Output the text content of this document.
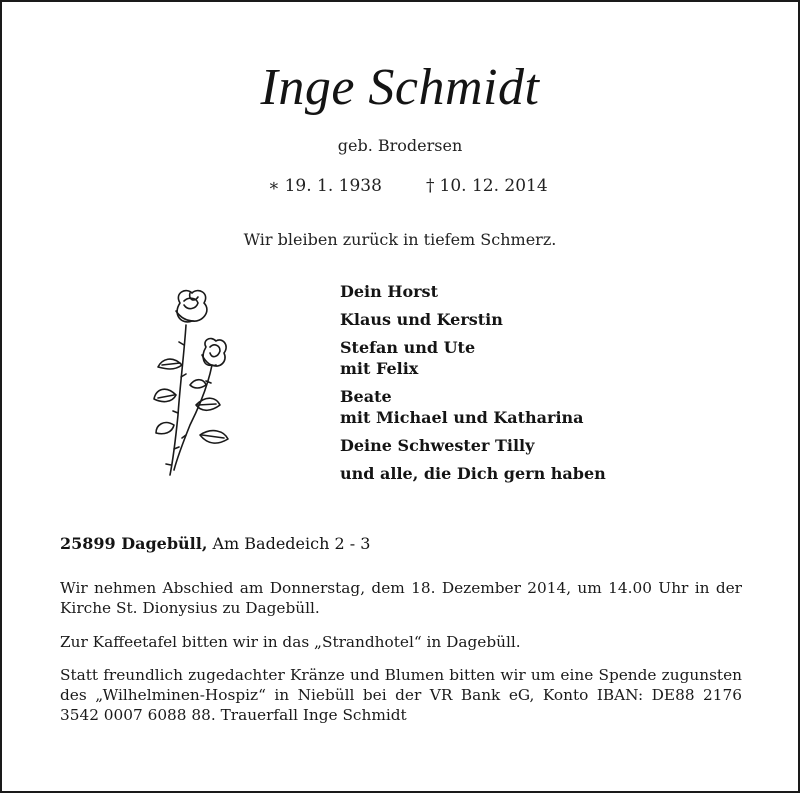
Inge Schmidt
geb. Brodersen
∗ 19. 1. 1938	† 10. 12. 2014
Wir bleiben zurück in tiefem Schmerz.
Dein Horst
Klaus und Kerstin
Stefan und Ute
mit Felix
Beate
mit Michael und Katharina
Deine Schwester Tilly
und alle, die Dich gern haben
25899 Dagebüll, Am Badedeich 2 - 3
Wir nehmen Abschied am Donnerstag, dem 18. Dezember 2014, um 14.00 Uhr in der Kirche St. Dionysius zu Dagebüll.
Zur Kaffeetafel bitten wir in das „Strandhotel“ in Dagebüll.
Statt freundlich zugedachter Kränze und Blumen bitten wir um eine Spende zugunsten des „Wilhelminen-Hospiz“ in Niebüll bei der VR Bank eG, Konto IBAN: DE88 2176 3542 0007 6088 88. Trauerfall Inge Schmidt
